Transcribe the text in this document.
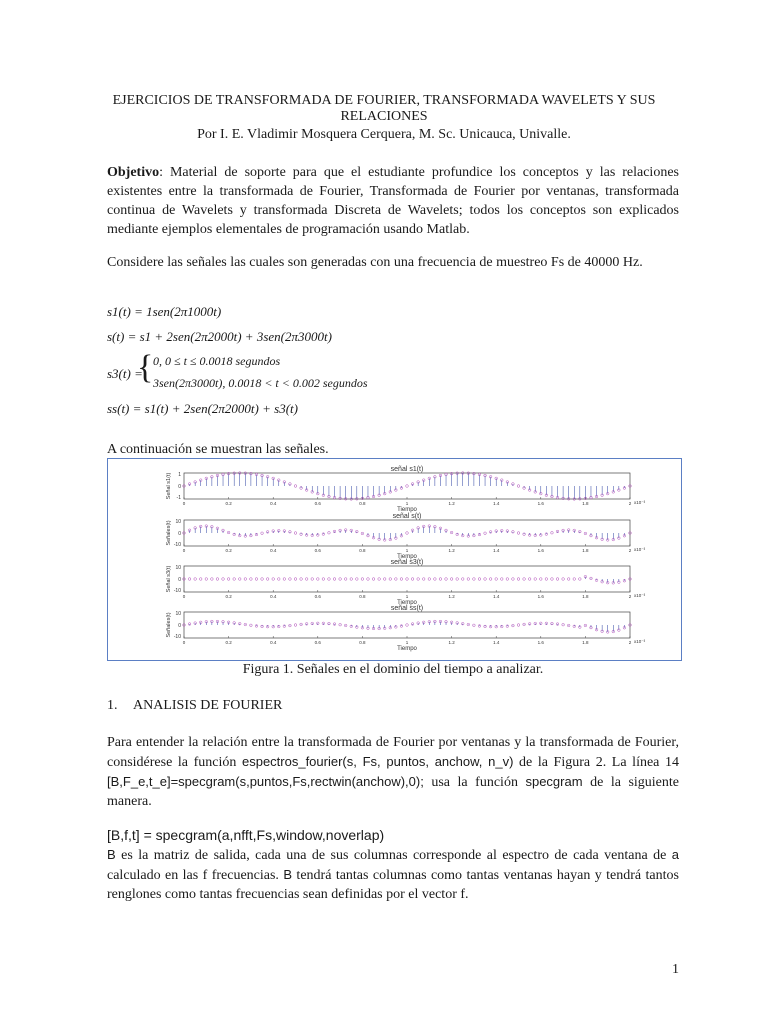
EJERCICIOS DE TRANSFORMADA DE FOURIER, TRANSFORMADA WAVELETS Y SUS RELACIONES
Por I. E. Vladimir Mosquera Cerquera, M. Sc. Unicauca, Univalle.
Objetivo: Material de soporte para que el estudiante profundice los conceptos y las relaciones existentes entre la transformada de Fourier, Transformada de Fourier por ventanas, transformada continua de Wavelets y transformada Discreta de Wavelets; todos los conceptos son explicados mediante ejemplos elementales de programación usando Matlab.
Considere las señales las cuales son generadas con una frecuencia de muestreo Fs de 40000 Hz.
s1(t) = 1sen(2π1000t)
s(t) = s1 + 2sen(2π2000t) + 3sen(2π3000t)
s3(t) =
{ 0, 0 ≤ t ≤ 0.0018 segundos
3sen(2π3000t), 0.0018 < t < 0.002 segundos
ss(t) = s1(t) + 2sen(2π2000t) + s3(t)
A continuación se muestran las señales.
señal s1(t)
1
0
-1
0	0.2	0.4	0.6	0.8	1	1.2	1.4	1.6	1.8	2 x10⁻³
Tiempo
Señal s1(t)
señal s(t)
10
0
-10
0	0.2	0.4	0.6	0.8	1	1.2	1.4	1.6	1.8	2 x10⁻³
Tiempo
Señales(t)
señal s3(t)
10
0
-10
0	0.2	0.4	0.6	0.8	1	1.2	1.4	1.6	1.8	2 x10⁻³
Tiempo
Señal s3(t)
señal ss(t)
10
0
-10
0	0.2	0.4	0.6	0.8	1	1.2	1.4	1.6	1.8	2 x10⁻³
Tiempo
Señales(t)
Figura 1. Señales en el dominio del tiempo a analizar.
1. ANALISIS DE FOURIER
Para entender la relación entre la transformada de Fourier por ventanas y la transformada de Fourier, considérese la función espectros_fourier(s, Fs, puntos, anchow, n_v) de la Figura 2. La línea 14 [B,F_e,t_e]=specgram(s,puntos,Fs,rectwin(anchow),0); usa la función specgram de la siguiente manera.
[B,f,t] = specgram(a,nfft,Fs,window,noverlap)
B es la matriz de salida, cada una de sus columnas corresponde al espectro de cada ventana de a calculado en las f frecuencias. B tendrá tantas columnas como tantas ventanas hayan y tendrá tantos renglones como tantas frecuencias sean definidas por el vector f.
1
